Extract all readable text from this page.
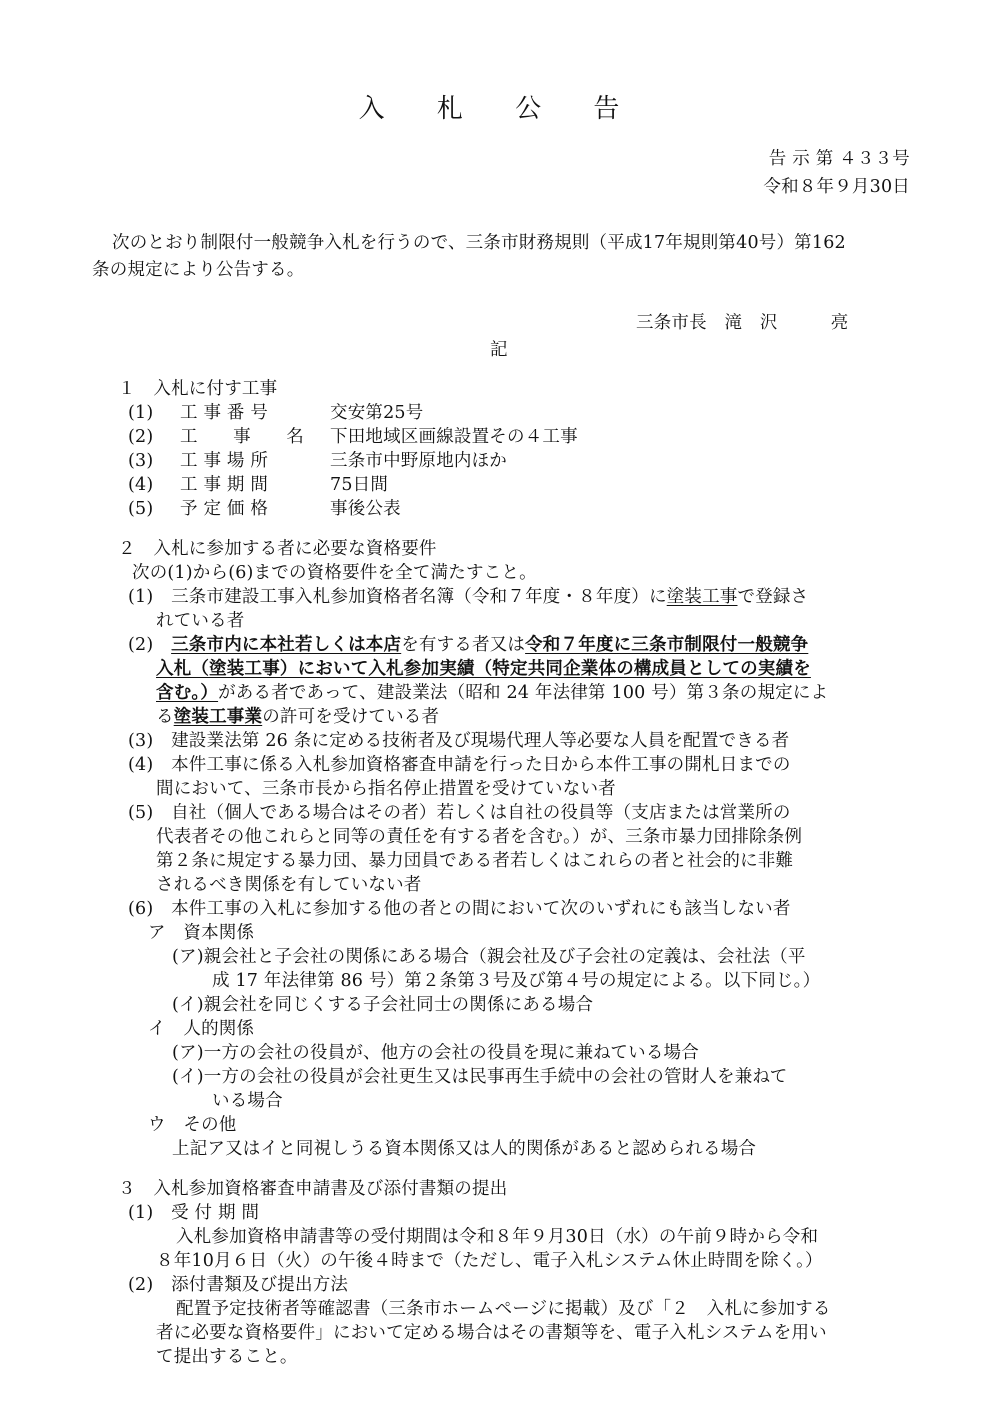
入 札 公 告
告 示 第 ４３３号
令和８年９月30日
次のとおり制限付一般競争入札を行うので、三条市財務規則（平成17年規則第40号）第162
条の規定により公告する。
三条市長　滝　沢　　　亮
記
１　入札に付す工事
(1) 工 事 番 号	交安第25号
(2) 工　　事　　名 下田地域区画線設置その４工事
(3) 工 事 場 所	三条市中野原地内ほか
(4) 工 事 期 間	75日間
(5) 予 定 価 格	事後公表
２　入札に参加する者に必要な資格要件
次の(1)から(6)までの資格要件を全て満たすこと。
(1)　三条市建設工事入札参加資格者名簿（令和７年度・８年度）に塗装工事で登録さ
れている者
(2)　三条市内に本社若しくは本店を有する者又は令和７年度に三条市制限付一般競争
入札（塗装工事）において入札参加実績（特定共同企業体の構成員としての実績を
含む。）がある者であって、建設業法（昭和 24 年法律第 100 号）第３条の規定によ
る塗装工事業の許可を受けている者
(3)　建設業法第 26 条に定める技術者及び現場代理人等必要な人員を配置できる者
(4)　本件工事に係る入札参加資格審査申請を行った日から本件工事の開札日までの
間において、三条市長から指名停止措置を受けていない者
(5)　自社（個人である場合はその者）若しくは自社の役員等（支店または営業所の
代表者その他これらと同等の責任を有する者を含む。）が、三条市暴力団排除条例
第２条に規定する暴力団、暴力団員である者若しくはこれらの者と社会的に非難
されるべき関係を有していない者
(6)　本件工事の入札に参加する他の者との間において次のいずれにも該当しない者
ア　資本関係
(ア)親会社と子会社の関係にある場合（親会社及び子会社の定義は、会社法（平
成 17 年法律第 86 号）第２条第３号及び第４号の規定による。以下同じ。）
(イ)親会社を同じくする子会社同士の関係にある場合
イ　人的関係
(ア)一方の会社の役員が、他方の会社の役員を現に兼ねている場合
(イ)一方の会社の役員が会社更生又は民事再生手続中の会社の管財人を兼ねて
いる場合
ウ　その他
上記ア又はイと同視しうる資本関係又は人的関係があると認められる場合
３　入札参加資格審査申請書及び添付書類の提出
(1)　受 付 期 間
入札参加資格申請書等の受付期間は令和８年９月30日（水）の午前９時から令和
８年10月６日（火）の午後４時まで（ただし、電子入札システム休止時間を除く。）
(2)　添付書類及び提出方法
配置予定技術者等確認書（三条市ホームページに掲載）及び「２　入札に参加する
者に必要な資格要件」において定める場合はその書類等を、電子入札システムを用い
て提出すること。
